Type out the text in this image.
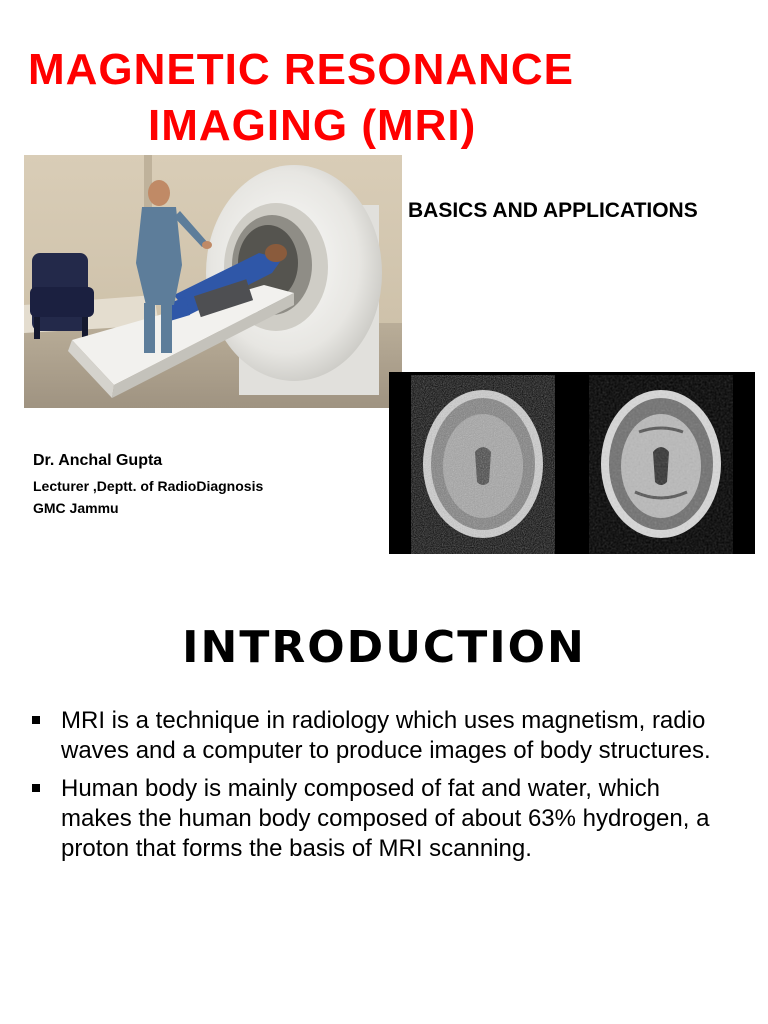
MAGNETIC RESONANCE
IMAGING (MRI)

BASICS AND APPLICATIONS

Dr. Anchal Gupta

Lecturer ,Deptt. of RadioDiagnosis

GMC Jammu

INTRODUCTION
MRI is a technique in radiology which uses magnetism, radio waves and a computer to produce images of body structures.
Human body is mainly composed of fat and water, which makes the human body composed of about 63% hydrogen, a proton that forms the basis of MRI scanning.
